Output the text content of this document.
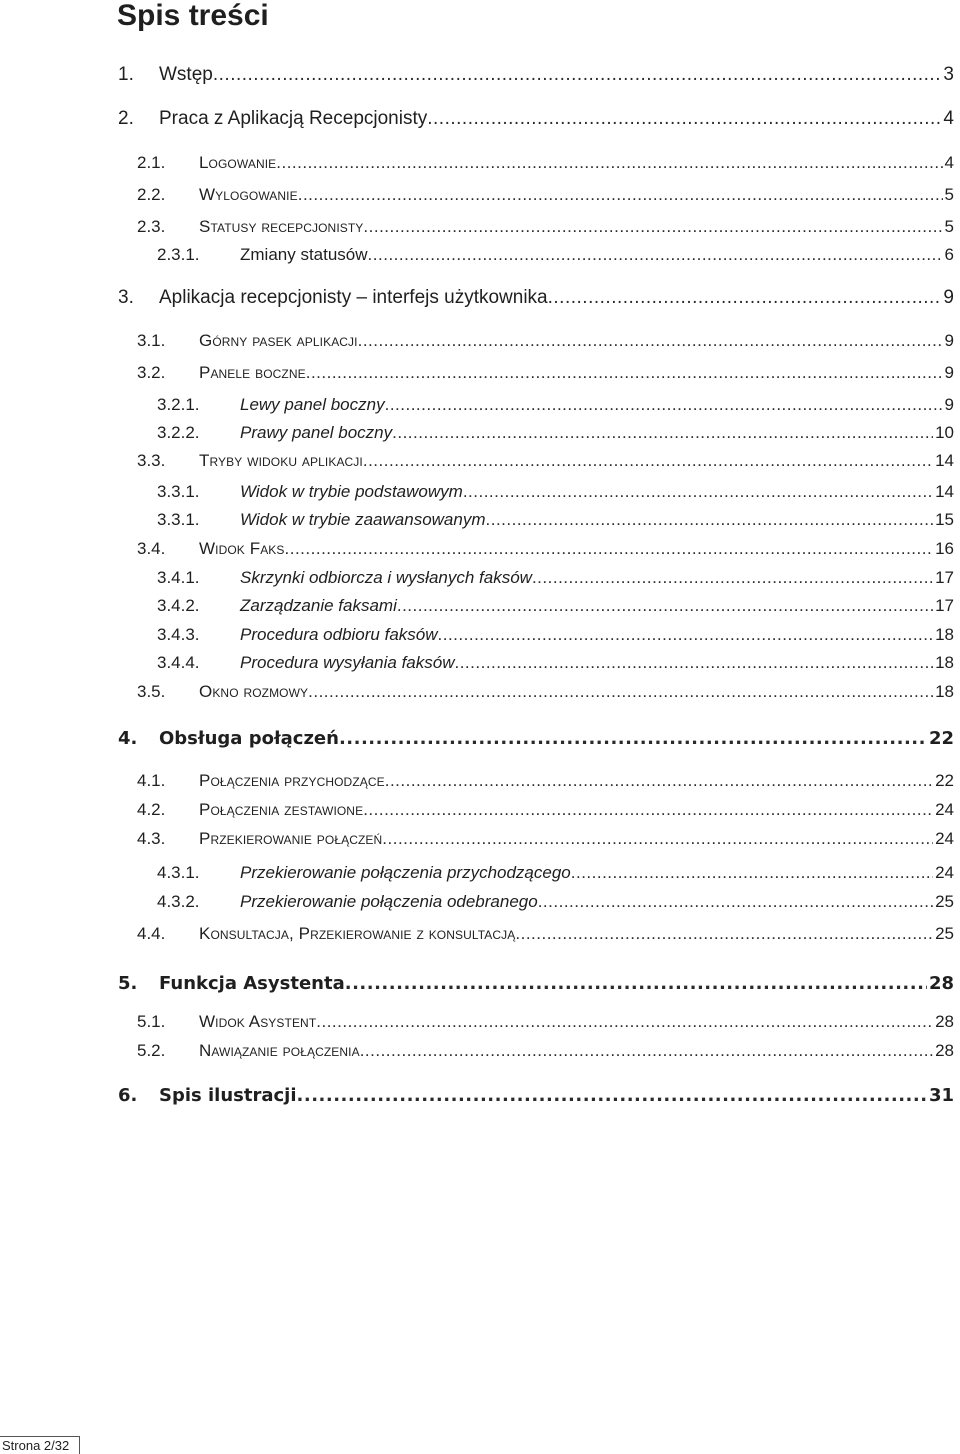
Spis treści
1.	Wstęp .....	3
2.	Praca z Aplikacją Recepcjonisty .....	4
2.1.	Logowanie .....	4
2.2.	Wylogowanie .....	5
2.3.	Statusy recepcjonisty .....	5
2.3.1.	Zmiany statusów .....	6
3.	Aplikacja recepcjonisty – interfejs użytkownika .....	9
3.1.	Górny pasek aplikacji .....	9
3.2.	Panele boczne .....	9
3.2.1.	Lewy panel boczny .....	9
3.2.2.	Prawy panel boczny .....	10
3.3.	Tryby widoku aplikacji .....	14
3.3.1.	Widok w trybie podstawowym .....	14
3.3.1.	Widok w trybie zaawansowanym .....	15
3.4.	Widok Faks .....	16
3.4.1.	Skrzynki odbiorcza i wysłanych faksów .....	17
3.4.2.	Zarządzanie faksami .....	17
3.4.3.	Procedura odbioru faksów .....	18
3.4.4.	Procedura wysyłania faksów .....	18
3.5.	Okno rozmowy .....	18
4.	Obsługa połączeń .....	22
4.1.	Połączenia przychodzące .....	22
4.2.	Połączenia zestawione .....	24
4.3.	Przekierowanie połączeń .....	24
4.3.1.	Przekierowanie połączenia przychodzącego .....	24
4.3.2.	Przekierowanie połączenia odebranego .....	25
4.4.	Konsultacja, Przekierowanie z konsultacją .....	25
5.	Funkcja Asystenta .....	28
5.1.	Widok Asystent .....	28
5.2.	Nawiązanie połączenia .....	28
6.	Spis ilustracji .....	31
Strona 2/32
